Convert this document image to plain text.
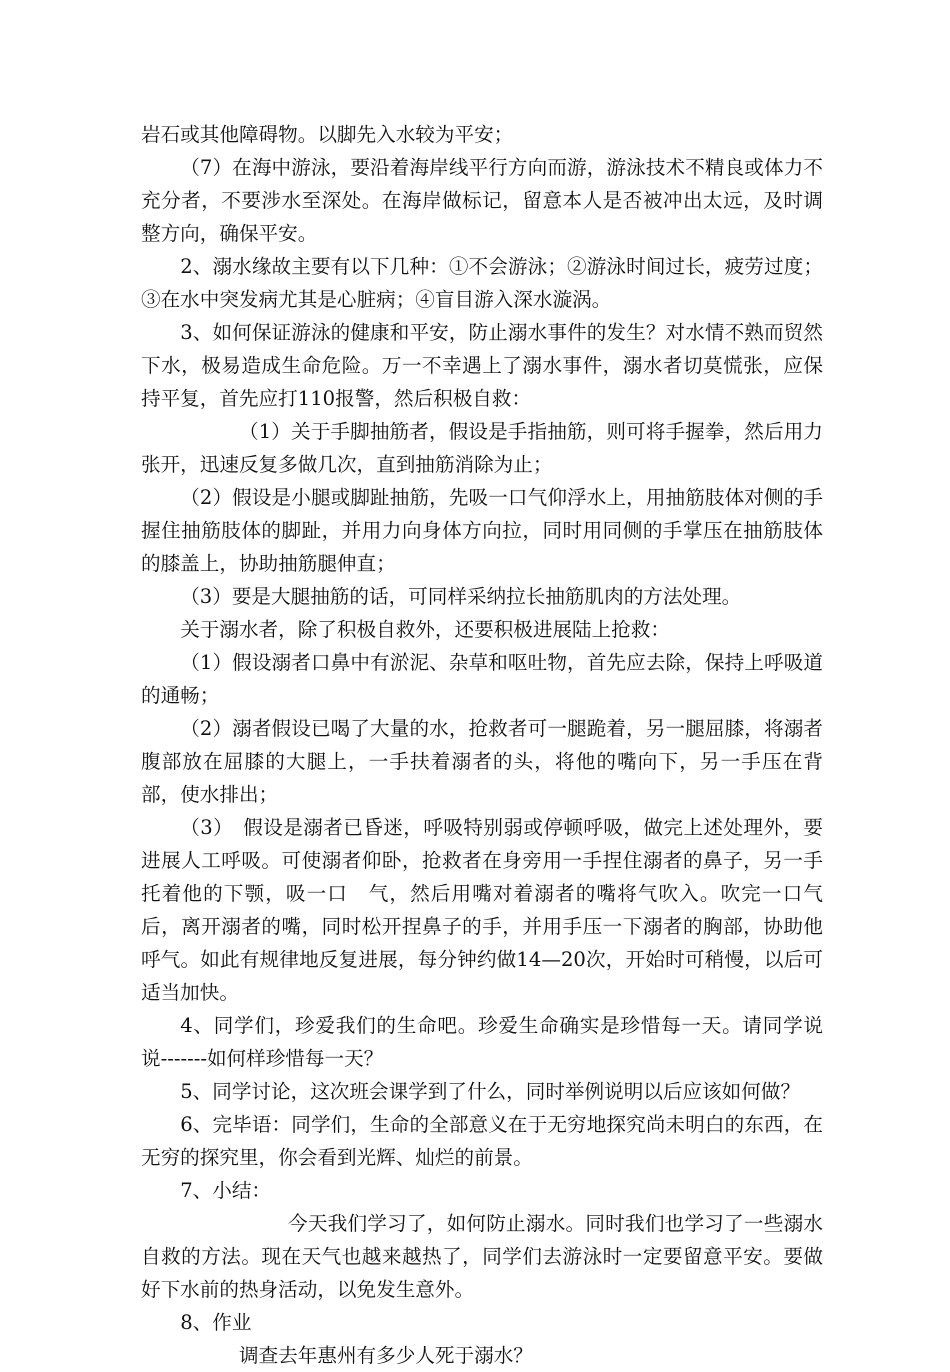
岩石或其他障碍物。以脚先入水较为平安；

（7）在海中游泳，要沿着海岸线平行方向而游，游泳技术不精良或体力不充分者，不要涉水至深处。在海岸做标记，留意本人是否被冲出太远，及时调整方向，确保平安。

2、溺水缘故主要有以下几种：①不会游泳；②游泳时间过长，疲劳过度；③在水中突发病尤其是心脏病；④盲目游入深水漩涡。

3、如何保证游泳的健康和平安，防止溺水事件的发生？对水情不熟而贸然下水，极易造成生命危险。万一不幸遇上了溺水事件，溺水者切莫慌张，应保持平复，首先应打110报警，然后积极自救：

（1）关于手脚抽筋者，假设是手指抽筋，则可将手握拳，然后用力张开，迅速反复多做几次，直到抽筋消除为止；

（2）假设是小腿或脚趾抽筋，先吸一口气仰浮水上，用抽筋肢体对侧的手握住抽筋肢体的脚趾，并用力向身体方向拉，同时用同侧的手掌压在抽筋肢体的膝盖上，协助抽筋腿伸直；

（3）要是大腿抽筋的话，可同样采纳拉长抽筋肌肉的方法处理。

关于溺水者，除了积极自救外，还要积极进展陆上抢救：

（1）假设溺者口鼻中有淤泥、杂草和呕吐物，首先应去除，保持上呼吸道的通畅；

（2）溺者假设已喝了大量的水，抢救者可一腿跪着，另一腿屈膝，将溺者腹部放在屈膝的大腿上，一手扶着溺者的头，将他的嘴向下，另一手压在背部，使水排出；

（3）　假设是溺者已昏迷，呼吸特别弱或停顿呼吸，做完上述处理外，要进展人工呼吸。可使溺者仰卧，抢救者在身旁用一手捏住溺者的鼻子，另一手托着他的下颚，吸一口　气，然后用嘴对着溺者的嘴将气吹入。吹完一口气后，离开溺者的嘴，同时松开捏鼻子的手，并用手压一下溺者的胸部，协助他呼气。如此有规律地反复进展，每分钟约做14—20次，开始时可稍慢，以后可适当加快。

4、同学们，珍爱我们的生命吧。珍爱生命确实是珍惜每一天。请同学说说-------如何样珍惜每一天？

5、同学讨论，这次班会课学到了什么，同时举例说明以后应该如何做？

6、完毕语：同学们，生命的全部意义在于无穷地探究尚未明白的东西，在无穷的探究里，你会看到光辉、灿烂的前景。

7、小结：

今天我们学习了，如何防止溺水。同时我们也学习了一些溺水自救的方法。现在天气也越来越热了，同学们去游泳时一定要留意平安。要做好下水前的热身活动，以免发生意外。

8、作业

调查去年惠州有多少人死于溺水？
